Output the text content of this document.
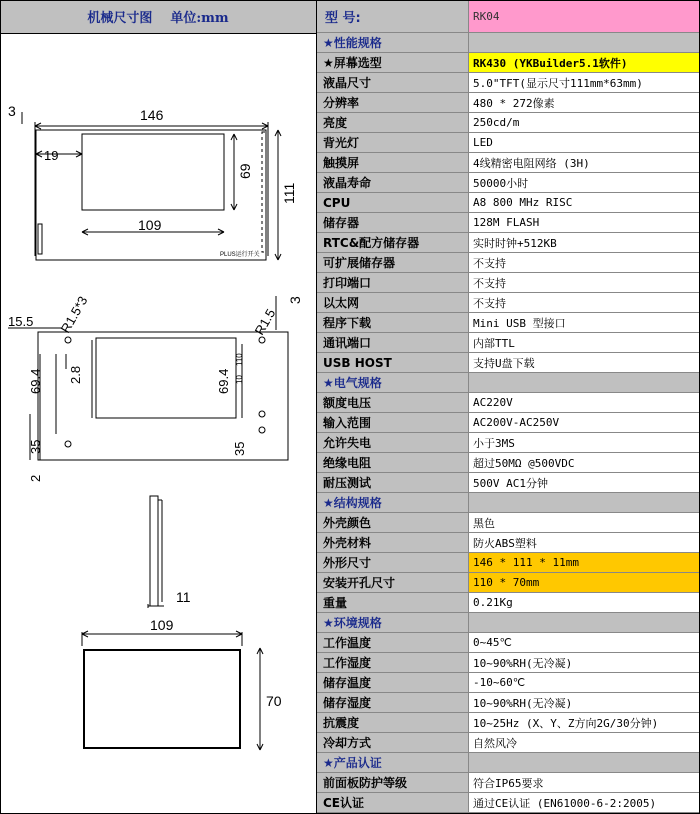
机械尺寸图 单位:mm
146
3
19
69
109
111
PLUS运行开关
15.5 R1.5*3	R1.5
3
2.8
69.4	69.4
35	35
2
110
10
11
109
70
型 号:	RK04
★性能规格
★屏幕选型	RK430 (YKBuilder5.1软件)
液晶尺寸	5.0"TFT(显示尺寸111mm*63mm)
分辨率	480 * 272像素
亮度	250cd/m
背光灯	LED
触摸屏	4线精密电阻网络 (3H)
液晶寿命	50000小时
CPU	A8 800 MHz RISC
储存器	128M FLASH
RTC&配方储存器	实时时钟+512KB
可扩展储存器	不支持
打印端口	不支持
以太网	不支持
程序下载	Mini USB 型接口
通讯端口	内部TTL
USB HOST	支持U盘下载
★电气规格
额度电压	AC220V
输入范围	AC200V-AC250V
允许失电	小于3MS
绝缘电阻	超过50MΩ @500VDC
耐压测试	500V AC1分钟
★结构规格
外壳颜色	黑色
外壳材料	防火ABS塑料
外形尺寸	146 * 111 * 11mm
安装开孔尺寸	110 * 70mm
重量	0.21Kg
★环境规格
工作温度	0~45℃
工作湿度	10~90%RH(无冷凝)
储存温度	-10~60℃
储存湿度	10~90%RH(无冷凝)
抗震度	10~25Hz (X、Y、Z方向2G/30分钟)
冷却方式	自然风冷
★产品认证
前面板防护等级	符合IP65要求
CE认证	通过CE认证 (EN61000-6-2:2005)
